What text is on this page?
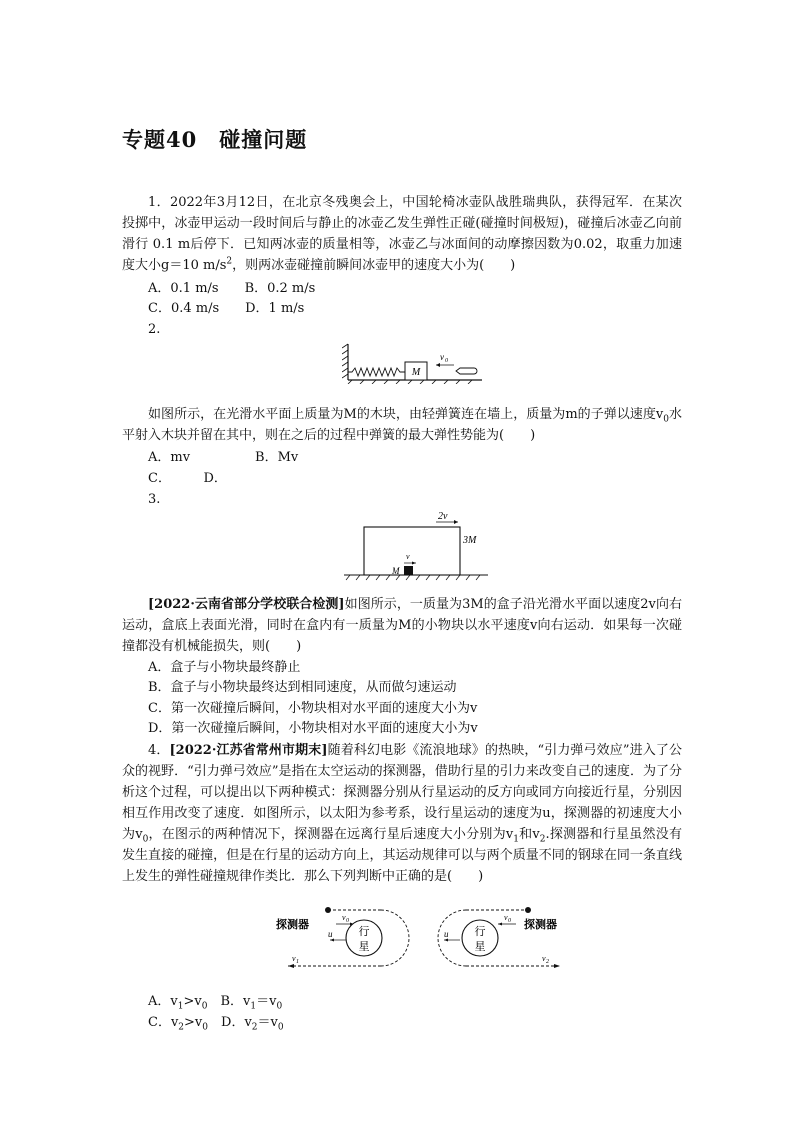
专题40　碰撞问题
1．2022年3月12日，在北京冬残奥会上，中国轮椅冰壶队战胜瑞典队，获得冠军．在某次投掷中，冰壶甲运动一段时间后与静止的冰壶乙发生弹性正碰(碰撞时间极短)，碰撞后冰壶乙向前滑行 0.1 m后停下．已知两冰壶的质量相等，冰壶乙与冰面间的动摩擦因数为0.02，取重力加速度大小g＝10 $m/s^2$，则两冰壶碰撞前瞬间冰壶甲的速度大小为(　　)
A．0.1 m/s　　B．0.2 m/s
C．0.4 m/s　　D．1 m/s
2.
M
v 0
如图所示，在光滑水平面上质量为M的木块，由轻弹簧连在墙上，质量为m的子弹以速度$v_0$水平射入木块并留在其中，则在之后的过程中弹簧的最大弹性势能为(　　)
A．mv　　　　　B．Mv
C．　　　D．
3.
2v
3M
v
M
[2022·云南省部分学校联合检测]如图所示，一质量为3M的盒子沿光滑水平面以速度2v向右运动，盒底上表面光滑，同时在盒内有一质量为M的小物块以水平速度v向右运动．如果每一次碰撞都没有机械能损失，则(　　)
A．盒子与小物块最终静止
B．盒子与小物块最终达到相同速度，从而做匀速运动
C．第一次碰撞后瞬间，小物块相对水平面的速度大小为v
D．第一次碰撞后瞬间，小物块相对水平面的速度大小为v
4．[2022·江苏省常州市期末]随着科幻电影《流浪地球》的热映，“引力弹弓效应”进入了公众的视野．“引力弹弓效应”是指在太空运动的探测器，借助行星的引力来改变自己的速度．为了分析这个过程，可以提出以下两种模式：探测器分别从行星运动的反方向或同方向接近行星，分别因相互作用改变了速度．如图所示，以太阳为参考系，设行星运动的速度为u，探测器的初速度大小为$v_0$，在图示的两种情况下，探测器在远离行星后速度大小分别为$v_1$和$v_2$.探测器和行星虽然没有发生直接的碰撞，但是在行星的运动方向上，其运动规律可以与两个质量不同的钢球在同一条直线上发生的弹性碰撞规律作类比．那么下列判断中正确的是(　　)
探测器
v 0
行
星
u
v 1
探测器
v 0
行
星
u
v 2
A．$v_1>v_0$　B．$v_1=v_0$
C．$v_2>v_0$　D．$v_2=v_0$
